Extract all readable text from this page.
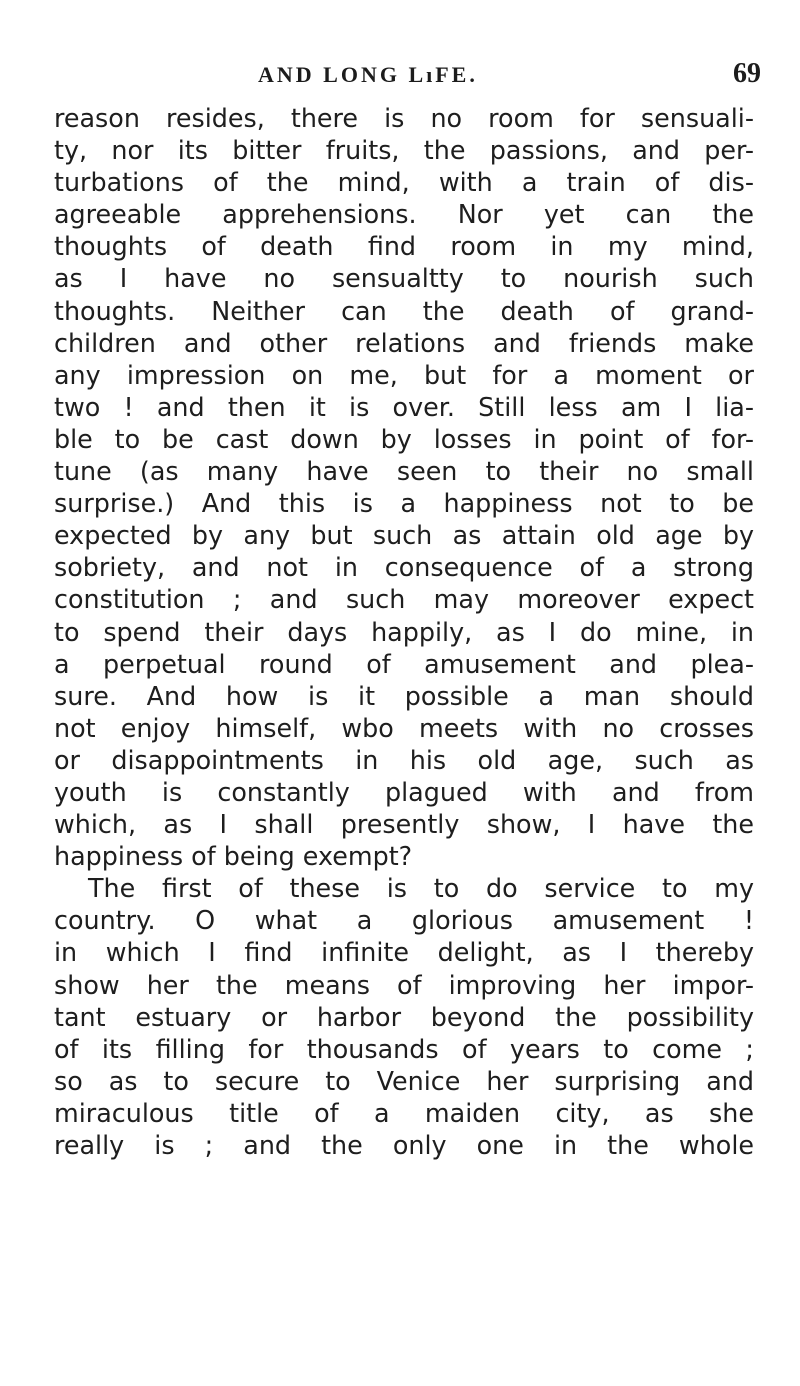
AND LONG LıFE.	69
reason resides, there is no room for sensuali-
ty, nor its bitter fruits, the passions, and per-
turbations of the mind, with a train of dis-
agreeable apprehensions. Nor yet can the
thoughts of death find room in my mind,
as I have no sensualtty to nourish such
thoughts. Neither can the death of grand-
children and other relations and friends make
any impression on me, but for a moment or
two ! and then it is over. Still less am I lia-
ble to be cast down by losses in point of for-
tune (as many have seen to their no small
surprise.) And this is a happiness not to be
expected by any but such as attain old age by
sobriety, and not in consequence of a strong
constitution ; and such may moreover expect
to spend their days happily, as I do mine, in
a perpetual round of amusement and plea-
sure. And how is it possible a man should
not enjoy himself, wbo meets with no crosses
or disappointments in his old age, such as
youth is constantly plagued with and from
which, as I shall presently show, I have the
happiness of being exempt?
The first of these is to do service to my
country. O what a glorious amusement !
in which I find infinite delight, as I thereby
show her the means of improving her impor-
tant estuary or harbor beyond the possibility
of its filling for thousands of years to come ;
so as to secure to Venice her surprising and
miraculous title of a maiden city, as she
really is ; and the only one in the whole
